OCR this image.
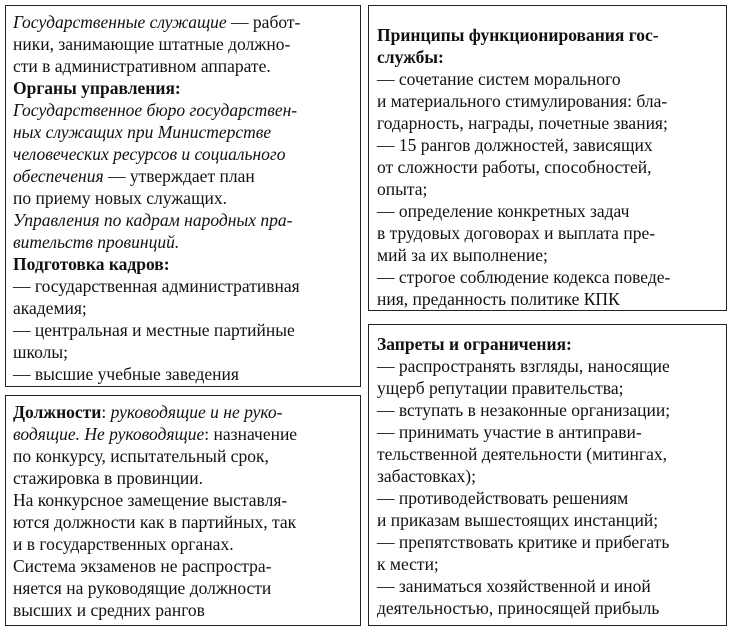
Государственные служащие — работ-
ники, занимающие штатные должно-
сти в административном аппарате.
Органы управления:
Государственное бюро государствен-
ных служащих при Министерстве
человеческих ресурсов и социального
обеспечения — утверждает план
по приему новых служащих.
Управления по кадрам народных пра-
вительств провинций.
Подготовка кадров:
— государственная административная
академия;
— центральная и местные партийные
школы;
— высшие учебные заведения
Должности: руководящие и не руко-
водящие. Не руководящие: назначение
по конкурсу, испытательный срок,
стажировка в провинции.
На конкурсное замещение выставля-
ются должности как в партийных, так
и в государственных органах.
Система экзаменов не распростра-
няется на руководящие должности
высших и средних рангов
Принципы функционирования гос-
службы:
— сочетание систем морального
и материального стимулирования: бла-
годарность, награды, почетные звания;
— 15 рангов должностей, зависящих
от сложности работы, способностей,
опыта;
— определение конкретных задач
в трудовых договорах и выплата пре-
мий за их выполнение;
— строгое соблюдение кодекса поведе-
ния, преданность политике КПК
Запреты и ограничения:
— распространять взгляды, наносящие
ущерб репутации правительства;
— вступать в незаконные организации;
— принимать участие в антиправи-
тельственной деятельности (митингах,
забастовках);
— противодействовать решениям
и приказам вышестоящих инстанций;
— препятствовать критике и прибегать
к мести;
— заниматься хозяйственной и иной
деятельностью, приносящей прибыль
